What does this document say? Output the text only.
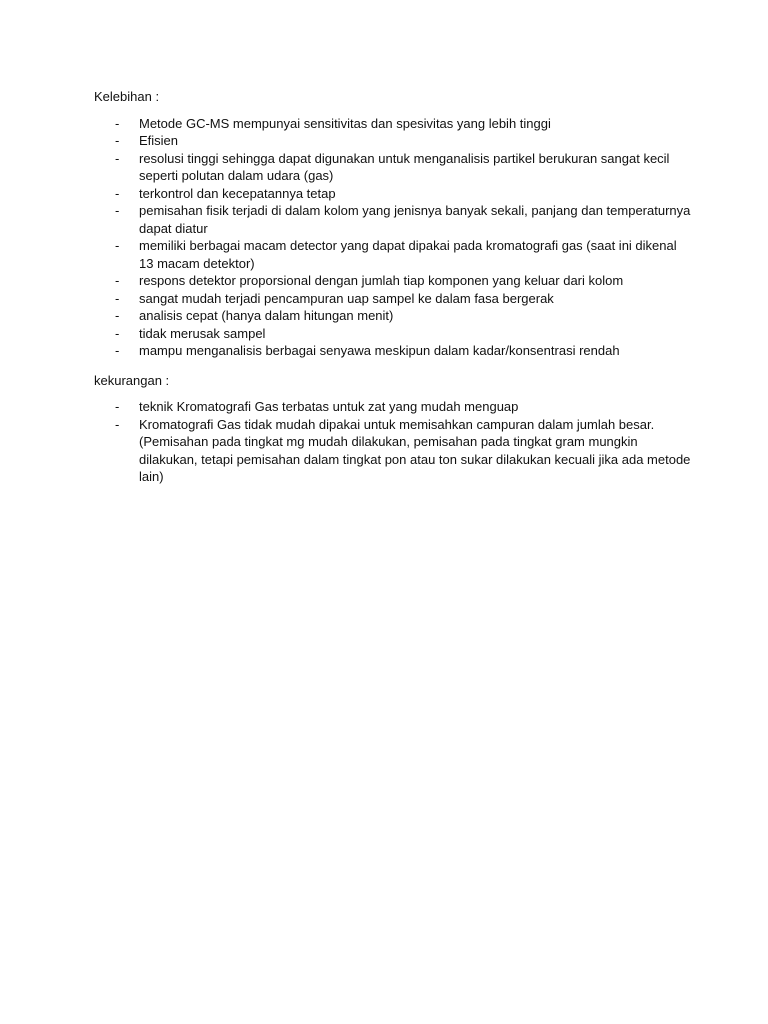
Kelebihan :

- Metode GC-MS mempunyai sensitivitas dan spesivitas yang lebih tinggi
- Efisien
- resolusi tinggi sehingga dapat digunakan untuk menganalisis partikel berukuran sangat kecil seperti polutan dalam udara (gas)
- terkontrol dan kecepatannya tetap
- pemisahan fisik terjadi di dalam kolom yang jenisnya banyak sekali, panjang dan temperaturnya dapat diatur
- memiliki berbagai macam detector yang dapat dipakai pada kromatografi gas (saat ini dikenal 13 macam detektor)
- respons detektor proporsional dengan jumlah tiap komponen yang keluar dari kolom
- sangat mudah terjadi pencampuran uap sampel ke dalam fasa bergerak
- analisis cepat (hanya dalam hitungan menit)
- tidak merusak sampel
- mampu menganalisis berbagai senyawa meskipun dalam kadar/konsentrasi rendah

kekurangan :

- teknik Kromatografi Gas terbatas untuk zat yang mudah menguap
- Kromatografi Gas tidak mudah dipakai untuk memisahkan campuran dalam jumlah besar. (Pemisahan pada tingkat mg mudah dilakukan, pemisahan pada tingkat gram mungkin dilakukan, tetapi pemisahan dalam tingkat pon atau ton sukar dilakukan kecuali jika ada metode lain)
